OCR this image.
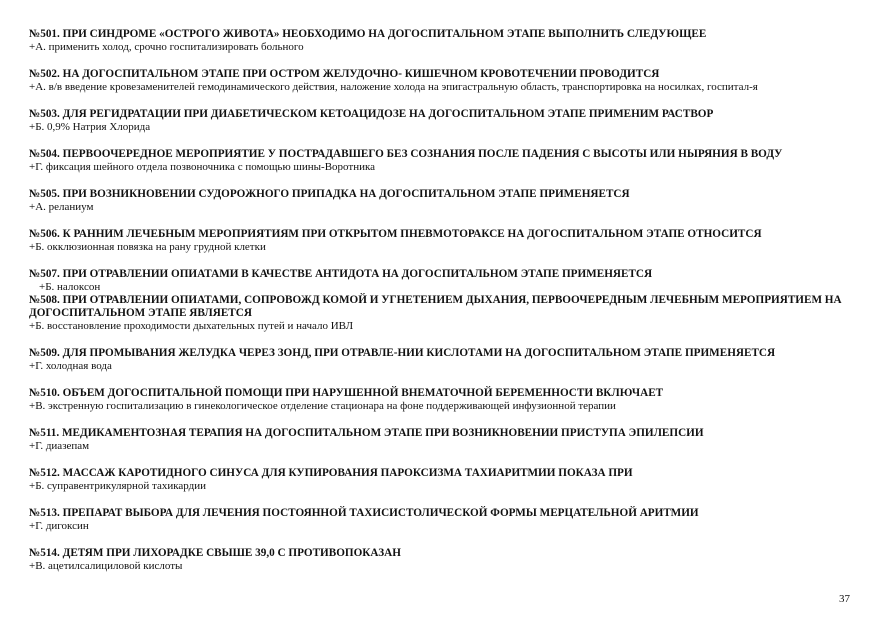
№501. ПРИ СИНДРОМЕ «ОСТРОГО ЖИВОТА» НЕОБХОДИМО НА ДОГОСПИТАЛЬНОМ ЭТАПЕ ВЫПОЛНИТЬ СЛЕДУЮЩЕЕ
+А. применить холод, срочно госпитализировать больного
№502. НА ДОГОСПИТАЛЬНОМ ЭТАПЕ ПРИ ОСТРОМ ЖЕЛУДОЧНО- КИШЕЧНОМ КРОВОТЕЧЕНИИ ПРОВОДИТСЯ
+А. в/в введение кровезаменителей гемодинамического действия, наложение холода на эпигастральную область, транспортировка на носилках, госпитал-я
№503. ДЛЯ РЕГИДРАТАЦИИ ПРИ ДИАБЕТИЧЕСКОМ КЕТОАЦИДОЗЕ НА ДОГОСПИТАЛЬНОМ ЭТАПЕ ПРИМЕНИМ РАСТВОР
+Б. 0,9% Натрия Хлорида
№504. ПЕРВООЧЕРЕДНОЕ МЕРОПРИЯТИЕ У ПОСТРАДАВШЕГО БЕЗ СОЗНАНИЯ ПОСЛЕ ПАДЕНИЯ С ВЫСОТЫ ИЛИ НЫРЯНИЯ В ВОДУ
+Г. фиксация шейного отдела позвоночника с помощью шины-Воротника
№505. ПРИ ВОЗНИКНОВЕНИИ СУДОРОЖНОГО ПРИПАДКА НА ДОГОСПИТАЛЬНОМ ЭТАПЕ ПРИМЕНЯЕТСЯ
+А. реланиум
№506. К РАННИМ ЛЕЧЕБНЫМ МЕРОПРИЯТИЯМ ПРИ ОТКРЫТОМ ПНЕВМОТОРАКСЕ НА ДОГОСПИТАЛЬНОМ ЭТАПЕ ОТНОСИТСЯ
+Б. окклюзионная повязка на рану грудной клетки
№507. ПРИ ОТРАВЛЕНИИ ОПИАТАМИ В КАЧЕСТВЕ АНТИДОТА НА ДОГОСПИТАЛЬНОМ ЭТАПЕ ПРИМЕНЯЕТСЯ
+Б. налоксон
№508. ПРИ ОТРАВЛЕНИИ ОПИАТАМИ, СОПРОВОЖД КОМОЙ И УГНЕТЕНИЕМ ДЫХАНИЯ, ПЕРВООЧЕРЕДНЫМ ЛЕЧЕБНЫМ МЕРОПРИЯТИЕМ НА ДОГОСПИТАЛЬНОМ ЭТАПЕ ЯВЛЯЕТСЯ
+Б. восстановление проходимости дыхательных путей и начало ИВЛ
№509. ДЛЯ ПРОМЫВАНИЯ ЖЕЛУДКА ЧЕРЕЗ ЗОНД, ПРИ ОТРАВЛЕ-НИИ КИСЛОТАМИ НА ДОГОСПИТАЛЬНОМ ЭТАПЕ ПРИМЕНЯЕТСЯ
+Г. холодная вода
№510. ОБЪЕМ ДОГОСПИТАЛЬНОЙ ПОМОЩИ ПРИ НАРУШЕННОЙ ВНЕМАТОЧНОЙ БЕРЕМЕННОСТИ ВКЛЮЧАЕТ
+В. экстренную госпитализацию в гинекологическое отделение стационара на фоне поддерживающей инфузионной терапии
№511. МЕДИКАМЕНТОЗНАЯ ТЕРАПИЯ НА ДОГОСПИТАЛЬНОМ ЭТАПЕ ПРИ ВОЗНИКНОВЕНИИ ПРИСТУПА ЭПИЛЕПСИИ
+Г. диазепам
№512. МАССАЖ КАРОТИДНОГО СИНУСА ДЛЯ КУПИРОВАНИЯ ПАРОКСИЗМА ТАХИАРИТМИИ ПОКАЗА ПРИ
+Б. суправентрикулярной тахикардии
№513. ПРЕПАРАТ ВЫБОРА ДЛЯ ЛЕЧЕНИЯ ПОСТОЯННОЙ ТАХИСИСТОЛИЧЕСКОЙ ФОРМЫ МЕРЦАТЕЛЬНОЙ АРИТМИИ
+Г. дигоксин
№514. ДЕТЯМ ПРИ ЛИХОРАДКЕ СВЫШЕ 39,0 С ПРОТИВОПОКАЗАН
+В. ацетилсалициловой кислоты
37
